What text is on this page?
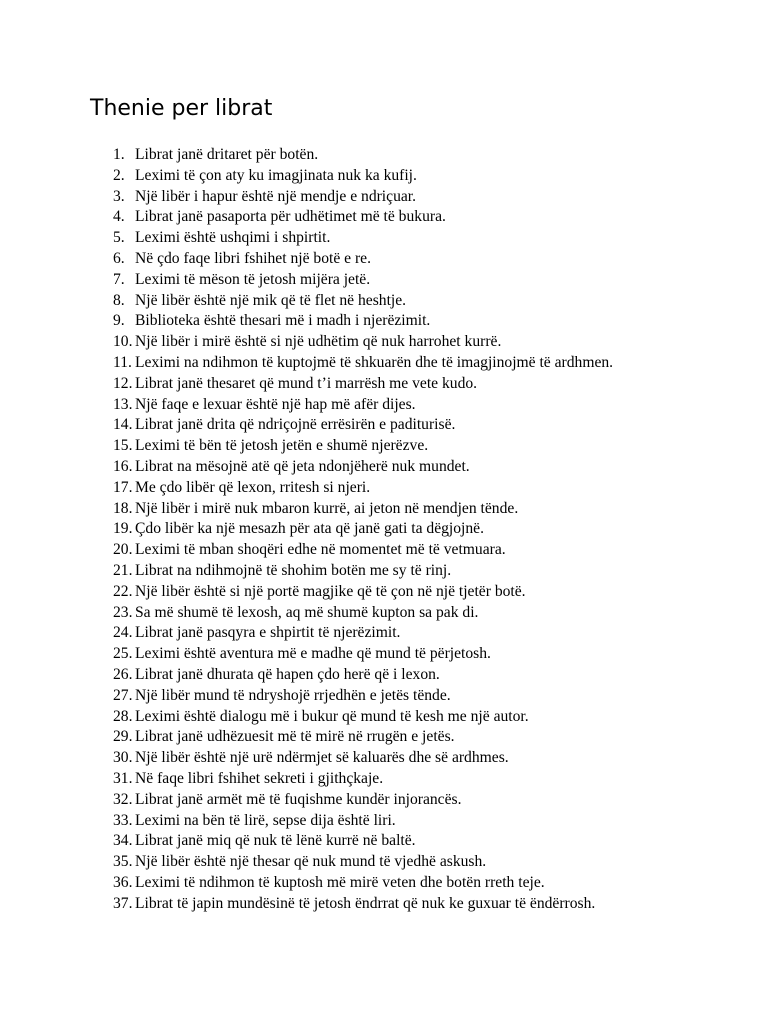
Thenie per librat
1. Librat janë dritaret për botën.
2. Leximi të çon aty ku imagjinata nuk ka kufij.
3. Një libër i hapur është një mendje e ndriçuar.
4. Librat janë pasaporta për udhëtimet më të bukura.
5. Leximi është ushqimi i shpirtit.
6. Në çdo faqe libri fshihet një botë e re.
7. Leximi të mëson të jetosh mijëra jetë.
8. Një libër është një mik që të flet në heshtje.
9. Biblioteka është thesari më i madh i njerëzimit.
10. Një libër i mirë është si një udhëtim që nuk harrohet kurrë.
11. Leximi na ndihmon të kuptojmë të shkuarën dhe të imagjinojmë të ardhmen.
12. Librat janë thesaret që mund t’i marrësh me vete kudo.
13. Një faqe e lexuar është një hap më afër dijes.
14. Librat janë drita që ndriçojnë errësirën e paditurisë.
15. Leximi të bën të jetosh jetën e shumë njerëzve.
16. Librat na mësojnë atë që jeta ndonjëherë nuk mundet.
17. Me çdo libër që lexon, rritesh si njeri.
18. Një libër i mirë nuk mbaron kurrë, ai jeton në mendjen tënde.
19. Çdo libër ka një mesazh për ata që janë gati ta dëgjojnë.
20. Leximi të mban shoqëri edhe në momentet më të vetmuara.
21. Librat na ndihmojnë të shohim botën me sy të rinj.
22. Një libër është si një portë magjike që të çon në një tjetër botë.
23. Sa më shumë të lexosh, aq më shumë kupton sa pak di.
24. Librat janë pasqyra e shpirtit të njerëzimit.
25. Leximi është aventura më e madhe që mund të përjetosh.
26. Librat janë dhurata që hapen çdo herë që i lexon.
27. Një libër mund të ndryshojë rrjedhën e jetës tënde.
28. Leximi është dialogu më i bukur që mund të kesh me një autor.
29. Librat janë udhëzuesit më të mirë në rrugën e jetës.
30. Një libër është një urë ndërmjet së kaluarës dhe së ardhmes.
31. Në faqe libri fshihet sekreti i gjithçkaje.
32. Librat janë armët më të fuqishme kundër injorancës.
33. Leximi na bën të lirë, sepse dija është liri.
34. Librat janë miq që nuk të lënë kurrë në baltë.
35. Një libër është një thesar që nuk mund të vjedhë askush.
36. Leximi të ndihmon të kuptosh më mirë veten dhe botën rreth teje.
37. Librat të japin mundësinë të jetosh ëndrrat që nuk ke guxuar të ëndërrosh.
